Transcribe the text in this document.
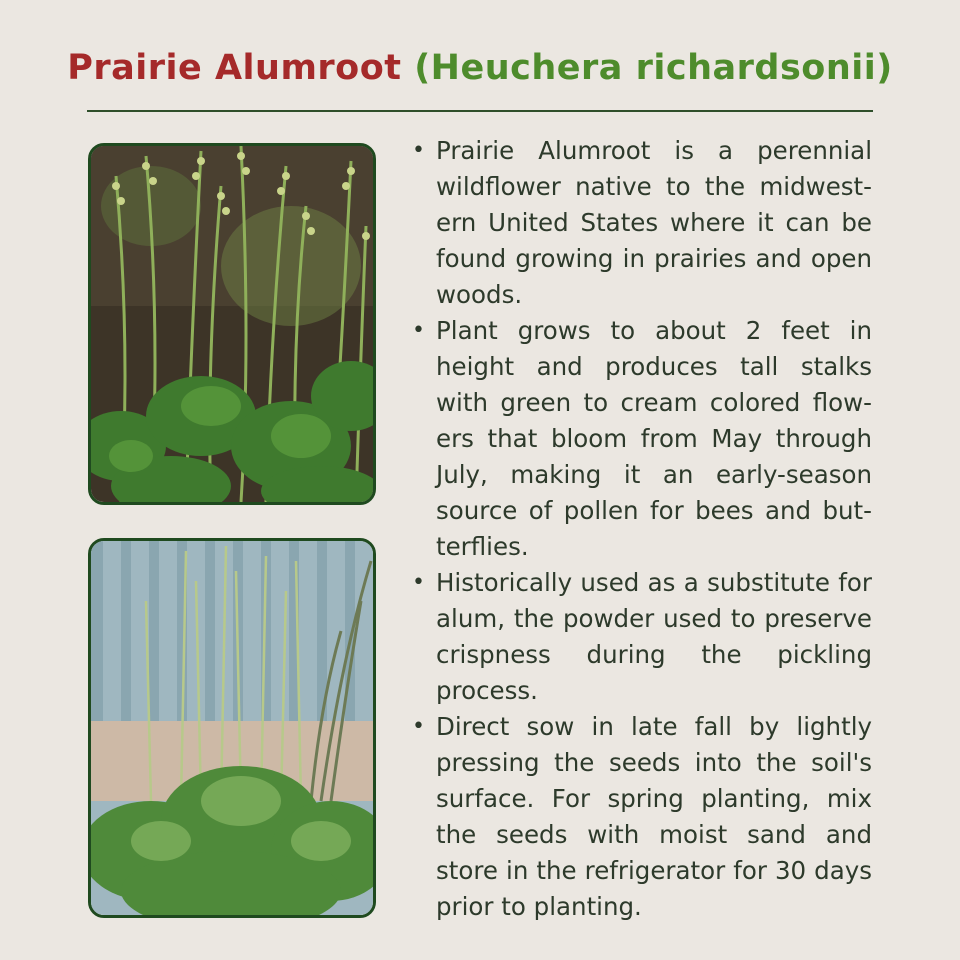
Prairie Alumroot (Heuchera richardsonii)
• Prairie Alumroot is a perennial wildflower native to the midwestern United States where it can be found growing in prairies and open woods.
• Plant grows to about 2 feet in height and produces tall stalks with green to cream colored flowers that bloom from May through July, making it an early-season source of pollen for bees and butterflies.
• Historically used as a substitute for alum, the powder used to preserve crispness during the pickling process.
• Direct sow in late fall by lightly pressing the seeds into the soil's surface. For spring planting, mix the seeds with moist sand and store in the refrigerator for 30 days prior to planting.
